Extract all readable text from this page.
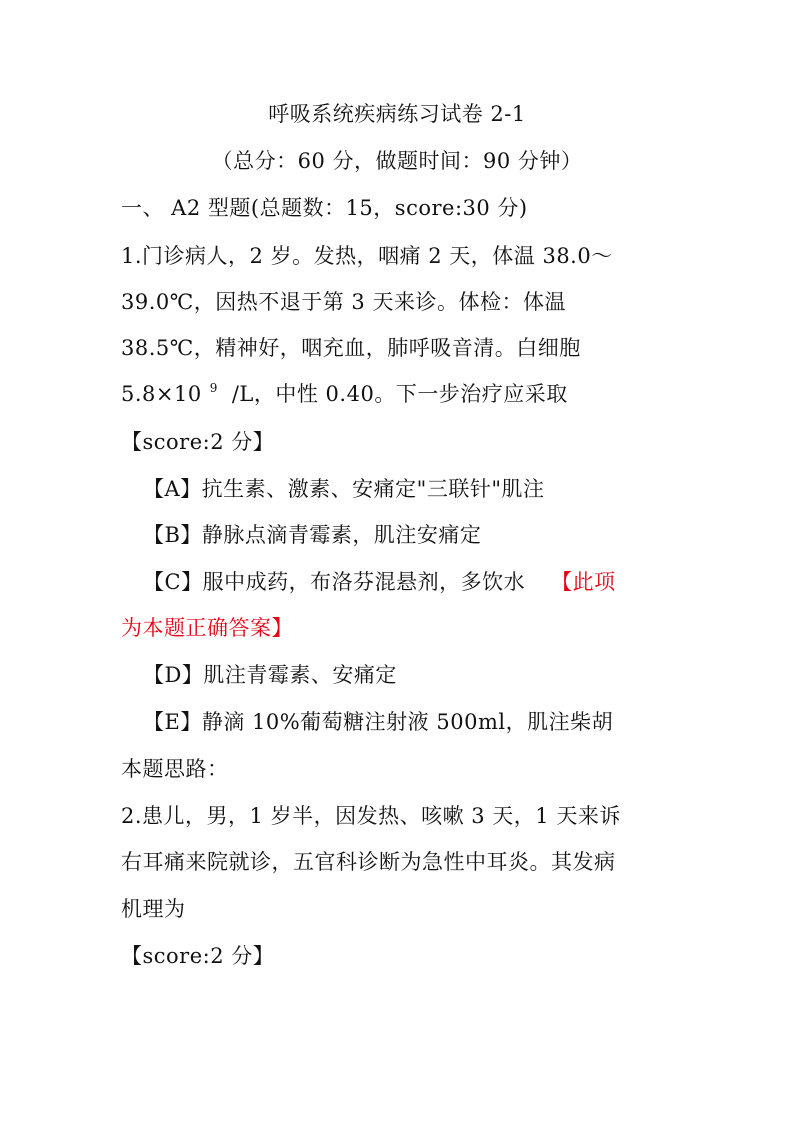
呼吸系统疾病练习试卷 2-1
（总分：60 分，做题时间：90 分钟）
一、 A2 型题(总题数：15，score:30 分)
1.门诊病人，2 岁。发热，咽痛 2 天，体温 38.0～
39.0℃，因热不退于第 3 天来诊。体检：体温
38.5℃，精神好，咽充血，肺呼吸音清。白细胞
5.8×10 $^9$ /L，中性 0.40。下一步治疗应采取
【score:2 分】
【A】抗生素、激素、安痛定"三联针"肌注
【B】静脉点滴青霉素，肌注安痛定
【C】服中成药，布洛芬混悬剂，多饮水 【此项
为本题正确答案】
【D】肌注青霉素、安痛定
【E】静滴 10%葡萄糖注射液 500ml，肌注柴胡
本题思路：
2.患儿，男，1 岁半，因发热、咳嗽 3 天，1 天来诉
右耳痛来院就诊，五官科诊断为急性中耳炎。其发病
机理为
【score:2 分】
